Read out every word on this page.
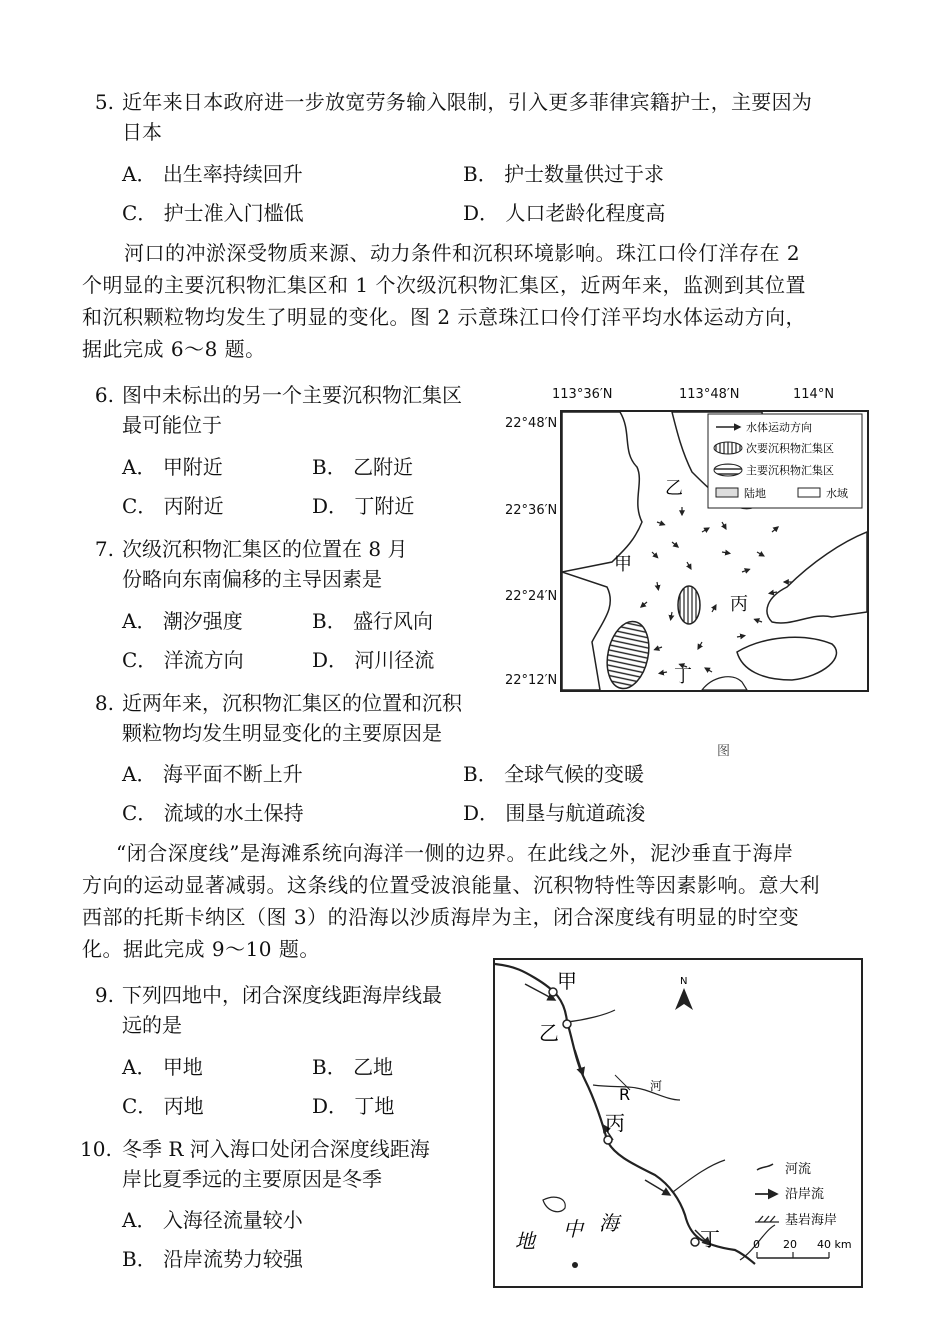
5. 近年来日本政府进一步放宽劳务输入限制，引入更多菲律宾籍护士，主要因为
日本
A． 出生率持续回升	B． 护士数量供过于求
C． 护士准入门槛低	D． 人口老龄化程度高

河口的冲淤深受物质来源、动力条件和沉积环境影响。珠江口伶仃洋存在 2

个明显的主要沉积物汇集区和 1 个次级沉积物汇集区，近两年来，监测到其位置

和沉积颗粒物均发生了明显的变化。图 2 示意珠江口伶仃洋平均水体运动方向，

据此完成 6～8 题。

6. 图中未标出的另一个主要沉积物汇集区
最可能位于
A． 甲附近	B． 乙附近
C． 丙附近	D． 丁附近
7. 次级沉积物汇集区的位置在 8 月
份略向东南偏移的主导因素是
A． 潮汐强度	B． 盛行风向
C． 洋流方向	D． 河川径流
8. 近两年来，沉积物汇集区的位置和沉积
颗粒物均发生明显变化的主要原因是
A． 海平面不断上升	B． 全球气候的变暖
C． 流域的水土保持	D． 围垦与航道疏浚

“闭合深度线”是海滩系统向海洋一侧的边界。在此线之外，泥沙垂直于海岸

方向的运动显著减弱。这条线的位置受波浪能量、沉积物特性等因素影响。意大利

西部的托斯卡纳区（图 3）的沿海以沙质海岸为主，闭合深度线有明显的时空变

化。据此完成 9～10 题。

9. 下列四地中，闭合深度线距海岸线最
远的是
A． 甲地	B． 乙地
C． 丙地	D． 丁地
10. 冬季 R 河入海口处闭合深度线距海
岸比夏季远的主要原因是冬季
A． 入海径流量较小
B． 沿岸流势力较强
113°36′N	113°48′N	114°N
22°48′N
22°36′N
22°24′N
22°12′N
水体运动方向
次要沉积物汇集区
主要沉积物汇集区
陆地	水域
甲
乙
丙
丁
图
甲
乙
丙
丁
R 河
地 中 海
N
河流
沿岸流
基岩海岸
0 20 40 km
